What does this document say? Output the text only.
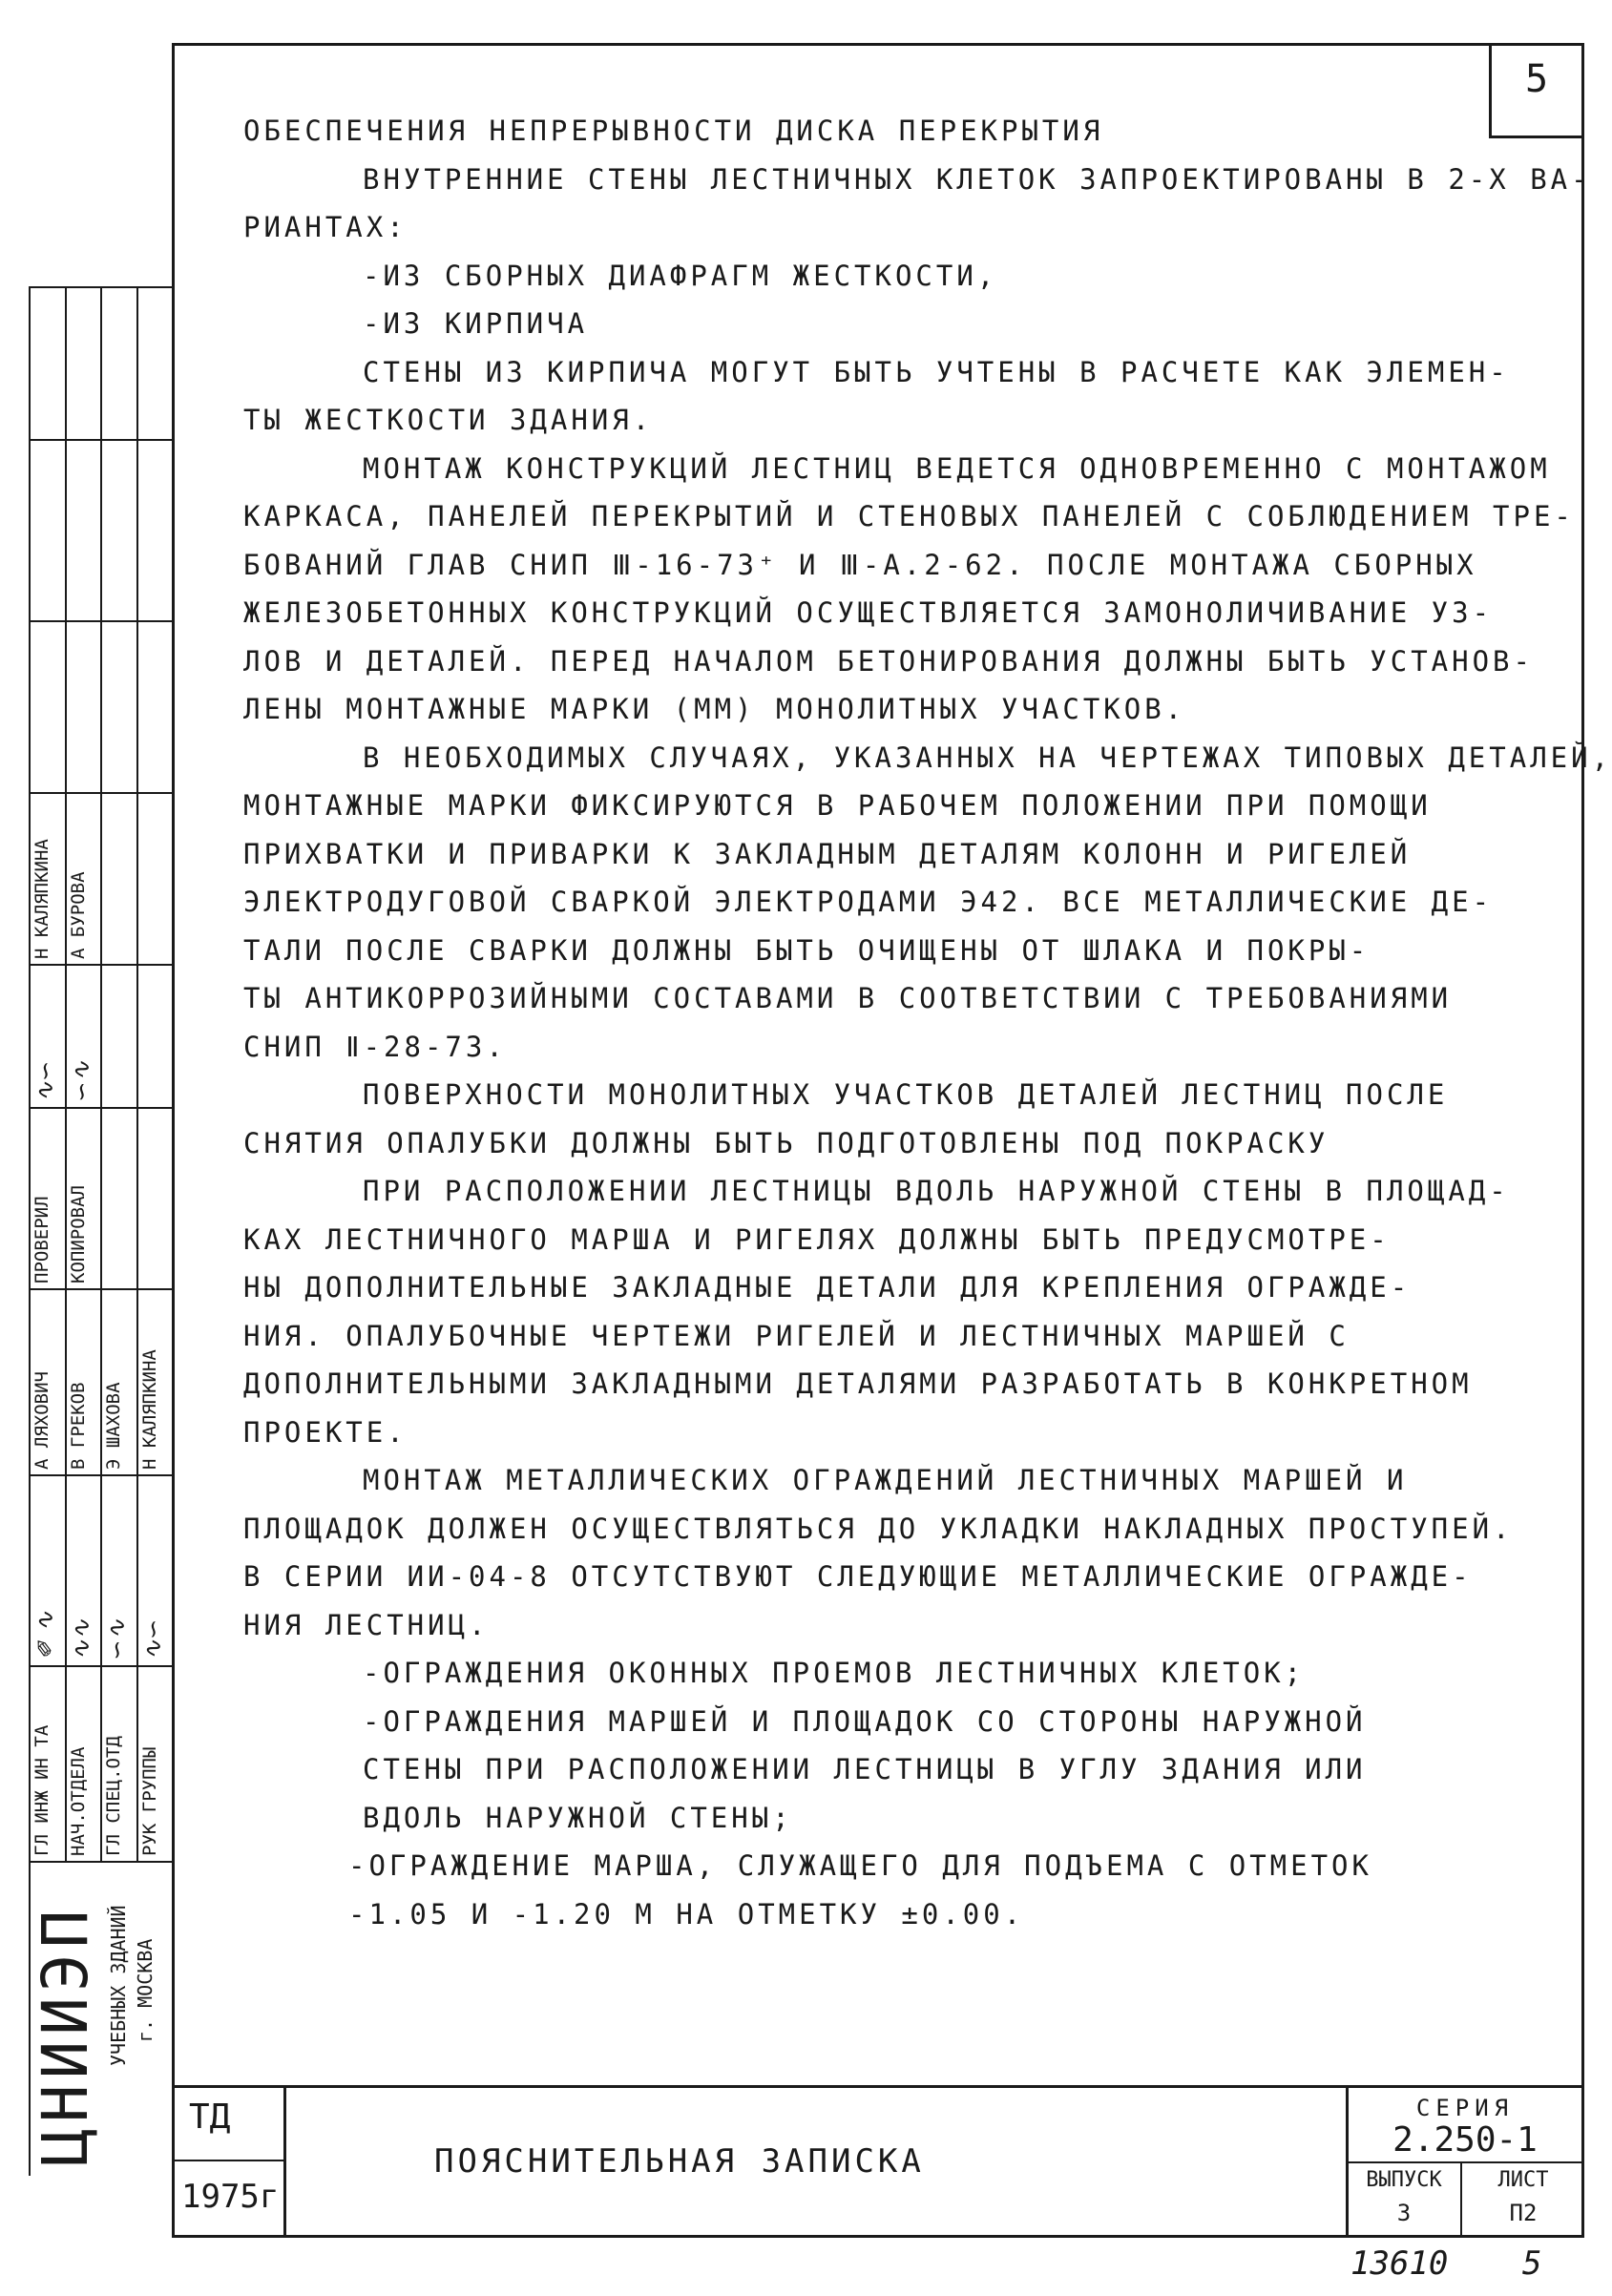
5
ОБЕСПЕЧЕНИЯ НЕПРЕРЫВНОСТИ ДИСКА ПЕРЕКРЫТИЯ
ВНУТРЕННИЕ СТЕНЫ ЛЕСТНИЧНЫХ КЛЕТОК ЗАПРОЕКТИРОВАНЫ В 2-Х ВА-
РИАНТАХ:
-ИЗ СБОРНЫХ ДИАФРАГМ ЖЕСТКОСТИ,
-ИЗ КИРПИЧА
СТЕНЫ ИЗ КИРПИЧА МОГУТ БЫТЬ УЧТЕНЫ В РАСЧЕТЕ КАК ЭЛЕМЕН-
ТЫ ЖЕСТКОСТИ ЗДАНИЯ.
МОНТАЖ КОНСТРУКЦИЙ ЛЕСТНИЦ ВЕДЕТСЯ ОДНОВРЕМЕННО С МОНТАЖОМ
КАРКАСА, ПАНЕЛЕЙ ПЕРЕКРЫТИЙ И СТЕНОВЫХ ПАНЕЛЕЙ С СОБЛЮДЕНИЕМ ТРЕ-
БОВАНИЙ ГЛАВ СНИП Ⅲ-16-73⁺ И Ⅲ-А.2-62. ПОСЛЕ МОНТАЖА СБОРНЫХ
ЖЕЛЕЗОБЕТОННЫХ КОНСТРУКЦИЙ ОСУЩЕСТВЛЯЕТСЯ ЗАМОНОЛИЧИВАНИЕ УЗ-
ЛОВ И ДЕТАЛЕЙ. ПЕРЕД НАЧАЛОМ БЕТОНИРОВАНИЯ ДОЛЖНЫ БЫТЬ УСТАНОВ-
ЛЕНЫ МОНТАЖНЫЕ МАРКИ (ММ) МОНОЛИТНЫХ УЧАСТКОВ.
В НЕОБХОДИМЫХ СЛУЧАЯХ, УКАЗАННЫХ НА ЧЕРТЕЖАХ ТИПОВЫХ ДЕТАЛЕЙ,
МОНТАЖНЫЕ МАРКИ ФИКСИРУЮТСЯ В РАБОЧЕМ ПОЛОЖЕНИИ ПРИ ПОМОЩИ
ПРИХВАТКИ И ПРИВАРКИ К ЗАКЛАДНЫМ ДЕТАЛЯМ КОЛОНН И РИГЕЛЕЙ
ЭЛЕКТРОДУГОВОЙ СВАРКОЙ ЭЛЕКТРОДАМИ Э42. ВСЕ МЕТАЛЛИЧЕСКИЕ ДЕ-
ТАЛИ ПОСЛЕ СВАРКИ ДОЛЖНЫ БЫТЬ ОЧИЩЕНЫ ОТ ШЛАКА И ПОКРЫ-
ТЫ АНТИКОРРОЗИЙНЫМИ СОСТАВАМИ В СООТВЕТСТВИИ С ТРЕБОВАНИЯМИ
СНИП Ⅱ-28-73.
ПОВЕРХНОСТИ МОНОЛИТНЫХ УЧАСТКОВ ДЕТАЛЕЙ ЛЕСТНИЦ ПОСЛЕ
СНЯТИЯ ОПАЛУБКИ ДОЛЖНЫ БЫТЬ ПОДГОТОВЛЕНЫ ПОД ПОКРАСКУ
ПРИ РАСПОЛОЖЕНИИ ЛЕСТНИЦЫ ВДОЛЬ НАРУЖНОЙ СТЕНЫ В ПЛОЩАД-
КАХ ЛЕСТНИЧНОГО МАРША И РИГЕЛЯХ ДОЛЖНЫ БЫТЬ ПРЕДУСМОТРЕ-
НЫ ДОПОЛНИТЕЛЬНЫЕ ЗАКЛАДНЫЕ ДЕТАЛИ ДЛЯ КРЕПЛЕНИЯ ОГРАЖДЕ-
НИЯ. ОПАЛУБОЧНЫЕ ЧЕРТЕЖИ РИГЕЛЕЙ И ЛЕСТНИЧНЫХ МАРШЕЙ С
ДОПОЛНИТЕЛЬНЫМИ ЗАКЛАДНЫМИ ДЕТАЛЯМИ РАЗРАБОТАТЬ В КОНКРЕТНОМ
ПРОЕКТЕ.
МОНТАЖ МЕТАЛЛИЧЕСКИХ ОГРАЖДЕНИЙ ЛЕСТНИЧНЫХ МАРШЕЙ И
ПЛОЩАДОК ДОЛЖЕН ОСУЩЕСТВЛЯТЬСЯ ДО УКЛАДКИ НАКЛАДНЫХ ПРОСТУПЕЙ.
В СЕРИИ ИИ-04-8 ОТСУТСТВУЮТ СЛЕДУЮЩИЕ МЕТАЛЛИЧЕСКИЕ ОГРАЖДЕ-
НИЯ ЛЕСТНИЦ.
-ОГРАЖДЕНИЯ ОКОННЫХ ПРОЕМОВ ЛЕСТНИЧНЫХ КЛЕТОК;
-ОГРАЖДЕНИЯ МАРШЕЙ И ПЛОЩАДОК СО СТОРОНЫ НАРУЖНОЙ
СТЕНЫ ПРИ РАСПОЛОЖЕНИИ ЛЕСТНИЦЫ В УГЛУ ЗДАНИЯ ИЛИ
ВДОЛЬ НАРУЖНОЙ СТЕНЫ;
-ОГРАЖДЕНИЕ МАРША, СЛУЖАЩЕГО ДЛЯ ПОДЪЕМА С ОТМЕТОК
-1.05 И -1.20 М НА ОТМЕТКУ ±0.00.
ГЛ ИНЖ ИН ТА НАЧ.ОТДЕЛА ГЛ СПЕЦ.ОТД РУК ГРУППЫ
✎∿ ∿∿ ∽∿ ∿∽
А ЛЯХОВИЧ В ГРЕКОВ Э ШАХОВА Н КАЛЯПКИНА
ПРОВЕРИЛ КОПИРОВАЛ
∿∽ ∽∿
Н КАЛЯПКИНА А БУРОВА
ЦНИИЭП УЧЕБНЫХ ЗДАНИЙ г. МОСКВА
ТД
1975г
ПОЯСНИТЕЛЬНАЯ ЗАПИСКА
СЕРИЯ
2.250-1
ВЫПУСК
3
ЛИСТ
П2
13610 5
